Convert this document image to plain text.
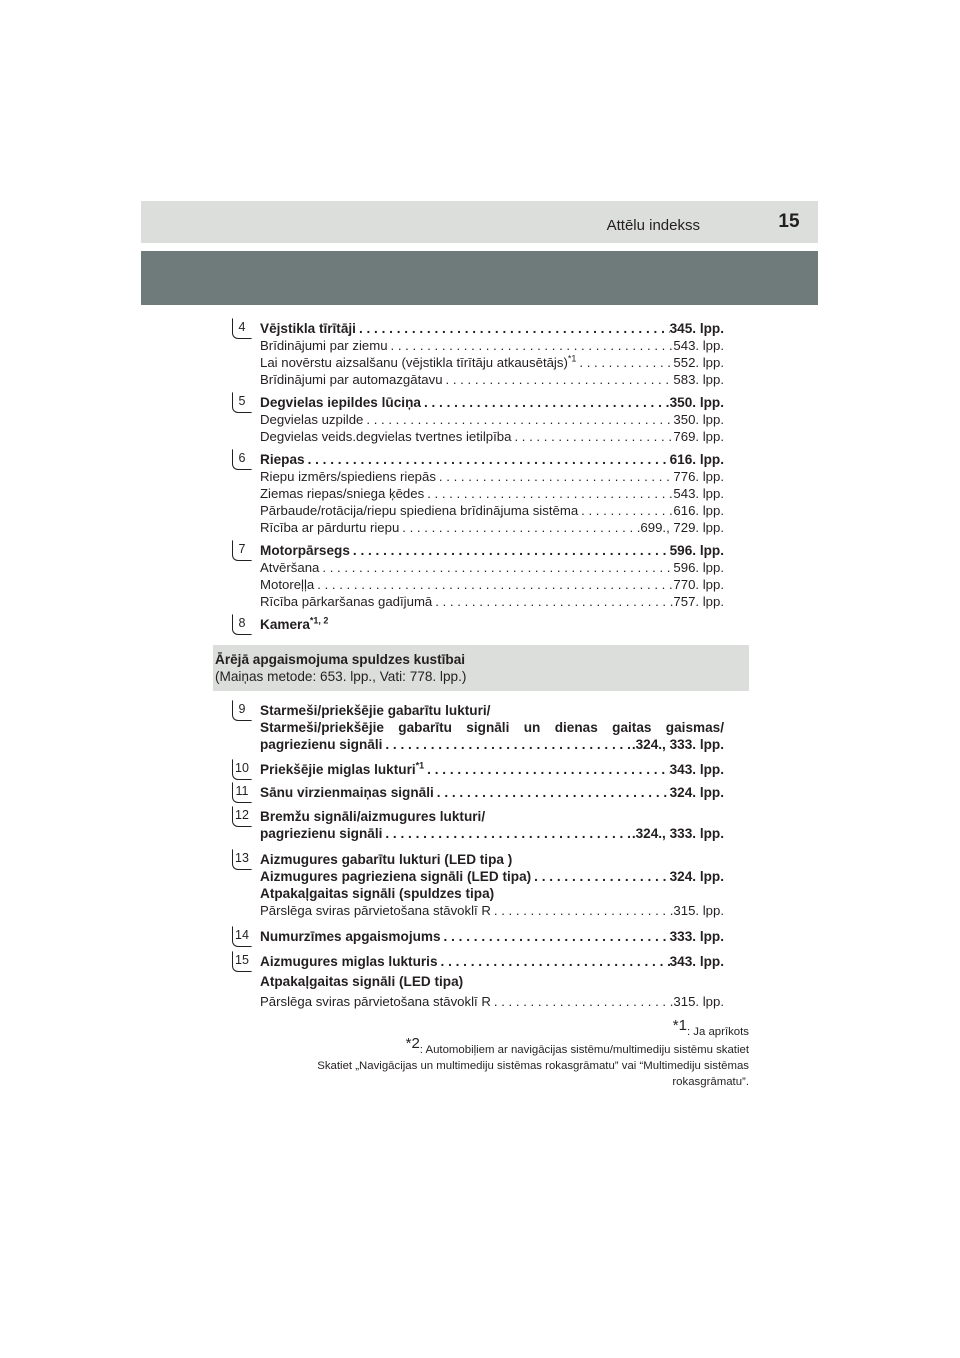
Attēlu indekss	15
4	Vējstikla tīrītāji . . .	345. lpp.
Brīdinājumi par ziemu . . .	543. lpp.
Lai novērstu aizsalšanu (vējstikla tīrītāju atkausētājs)$^{*1}$ . . .	552. lpp.
Brīdinājumi par automazgātavu . . .	583. lpp.
5	Degvielas iepildes lūciņa . . .	350. lpp.
Degvielas uzpilde . . .	350. lpp.
Degvielas veids.degvielas tvertnes ietilpība . . .	769. lpp.
6	Riepas . . .	616. lpp.
Riepu izmērs/spiediens riepās . . .	776. lpp.
Ziemas riepas/sniega ķēdes . . .	543. lpp.
Pārbaude/rotācija/riepu spiediena brīdinājuma sistēma . . .	616. lpp.
Rīcība ar pārdurtu riepu . . .	699., 729. lpp.
7	Motorpārsegs . . .	596. lpp.
Atvēršana . . .	596. lpp.
Motoreļļa . . .	770. lpp.
Rīcība pārkaršanas gadījumā . . .	757. lpp.
8	Kamera$^{*1, 2}$
Ārējā apgaismojuma spuldzes kustībai
(Maiņas metode: 653. lpp., Vati: 778. lpp.)
9	Starmeši/priekšējie gabarītu lukturi/
Starmeši/priekšējie gabarītu signāli un dienas gaitas gaismas/
pagriezienu signāli . . .	.324., 333. lpp.
10 Priekšējie miglas lukturi$^{*1}$ . . .	343. lpp.
11 Sānu virzienmaiņas signāli . . .	324. lpp.
12 Bremžu signāli/aizmugures lukturi/
pagriezienu signāli . . .	.324., 333. lpp.
13 Aizmugures gabarītu lukturi (LED tipa )
Aizmugures pagrieziena signāli (LED tipa) . . .	324. lpp.
Atpakaļgaitas signāli (spuldzes tipa)
Pārslēga sviras pārvietošana stāvoklī R . . .	315. lpp.
14 Numurzīmes apgaismojums . . .	333. lpp.
15 Aizmugures miglas lukturis . . .	343. lpp.
Atpakaļgaitas signāli (LED tipa)
Pārslēga sviras pārvietošana stāvoklī R . . .	315. lpp.
$^{*1}$: Ja aprīkots
$^{*2}$: Automobiļiem ar navigācijas sistēmu/multimediju sistēmu skatiet
Skatiet „Navigācijas un multimediju sistēmas rokasgrāmatu” vai “Multimediju sistēmas
rokasgrāmatu”.
